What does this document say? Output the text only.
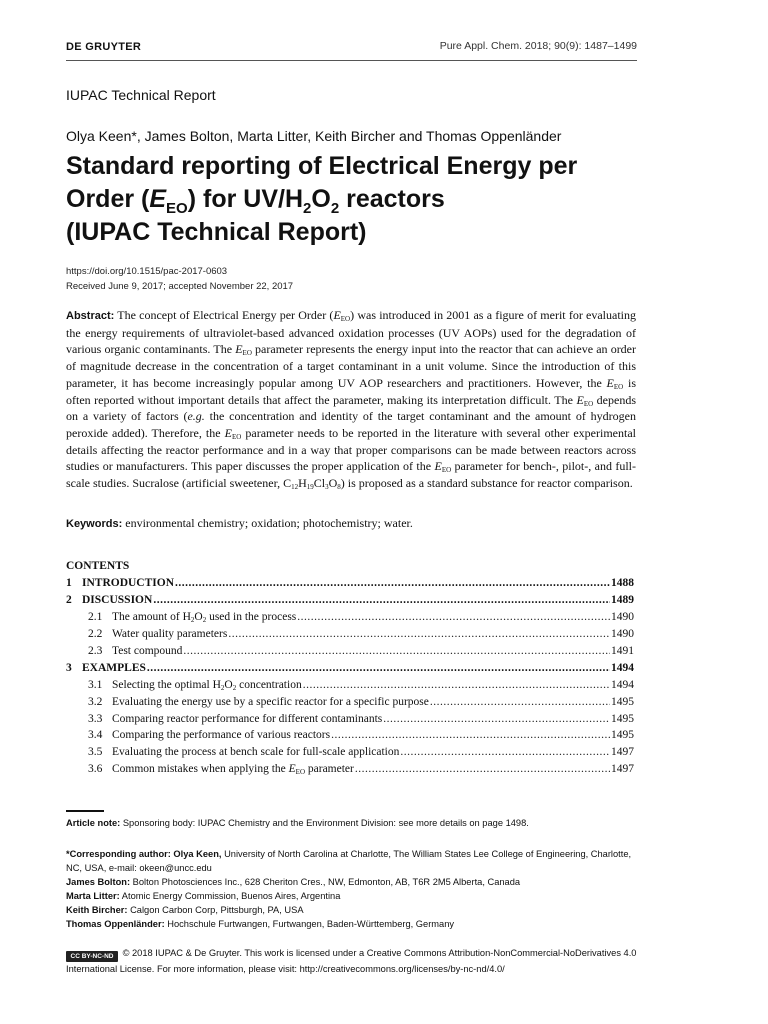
DE GRUYTER	Pure Appl. Chem. 2018; 90(9): 1487–1499
IUPAC Technical Report
Olya Keen*, James Bolton, Marta Litter, Keith Bircher and Thomas Oppenländer
Standard reporting of Electrical Energy per
Order $(E_{EO})$ for $UV/H_2O_2$ reactors
(IUPAC Technical Report)
https://doi.org/10.1515/pac-2017-0603
Received June 9, 2017; accepted November 22, 2017
Abstract: The concept of Electrical Energy per Order $(E_{EO})$ was introduced in 2001 as a figure of merit for evaluating the energy requirements of ultraviolet-based advanced oxidation processes (UV AOPs) used for the degradation of various organic contaminants. The $E_{EO}$ parameter represents the energy input into the reactor that can achieve an order of magnitude decrease in the concentration of a target contaminant in a unit volume. Since the introduction of this parameter, it has become increasingly popular among UV AOP researchers and practitioners. However, the $E_{EO}$ is often reported without important details that affect the parameter, making its interpretation difficult. The $E_{EO}$ depends on a variety of factors (e.g. the concentration and identity of the target contaminant and the amount of hydrogen peroxide added). Therefore, the $E_{EO}$ parameter needs to be reported in the literature with several other experimental details affecting the reactor performance and in a way that proper comparisons can be made between reactors across studies or manufacturers. This paper discusses the proper application of the $E_{EO}$ parameter for bench-, pilot-, and full-scale studies. Sucralose (artificial sweetener, $C_{12}H_{19}Cl_3O_8$) is proposed as a standard substance for reactor comparison.
Keywords: environmental chemistry; oxidation; photochemistry; water.
CONTENTS
1 INTRODUCTION .....	1488
2 DISCUSSION .....	1489
2.1 The amount of $H_2O_2$ used in the process .....	1490
2.2 Water quality parameters .....	1490
2.3 Test compound .....	1491
3 EXAMPLES .....	1494
3.1 Selecting the optimal $H_2O_2$ concentration .....	1494
3.2 Evaluating the energy use by a specific reactor for a specific purpose .....	1495
3.3 Comparing reactor performance for different contaminants .....	1495
3.4 Comparing the performance of various reactors .....	1495
3.5 Evaluating the process at bench scale for full-scale application .....	1497
3.6 Common mistakes when applying the $E_{EO}$ parameter .....	1497
Article note: Sponsoring body: IUPAC Chemistry and the Environment Division: see more details on page 1498.
*Corresponding author: Olya Keen, University of North Carolina at Charlotte, The William States Lee College of Engineering, Charlotte, NC, USA, e-mail: okeen@uncc.edu
James Bolton: Bolton Photosciences Inc., 628 Cheriton Cres., NW, Edmonton, AB, T6R 2M5 Alberta, Canada
Marta Litter: Atomic Energy Commission, Buenos Aires, Argentina
Keith Bircher: Calgon Carbon Corp, Pittsburgh, PA, USA
Thomas Oppenländer: Hochschule Furtwangen, Furtwangen, Baden-Württemberg, Germany
CC BY-NC-ND © 2018 IUPAC & De Gruyter. This work is licensed under a Creative Commons Attribution-NonCommercial-NoDerivatives 4.0 International License. For more information, please visit: http://creativecommons.org/licenses/by-nc-nd/4.0/
